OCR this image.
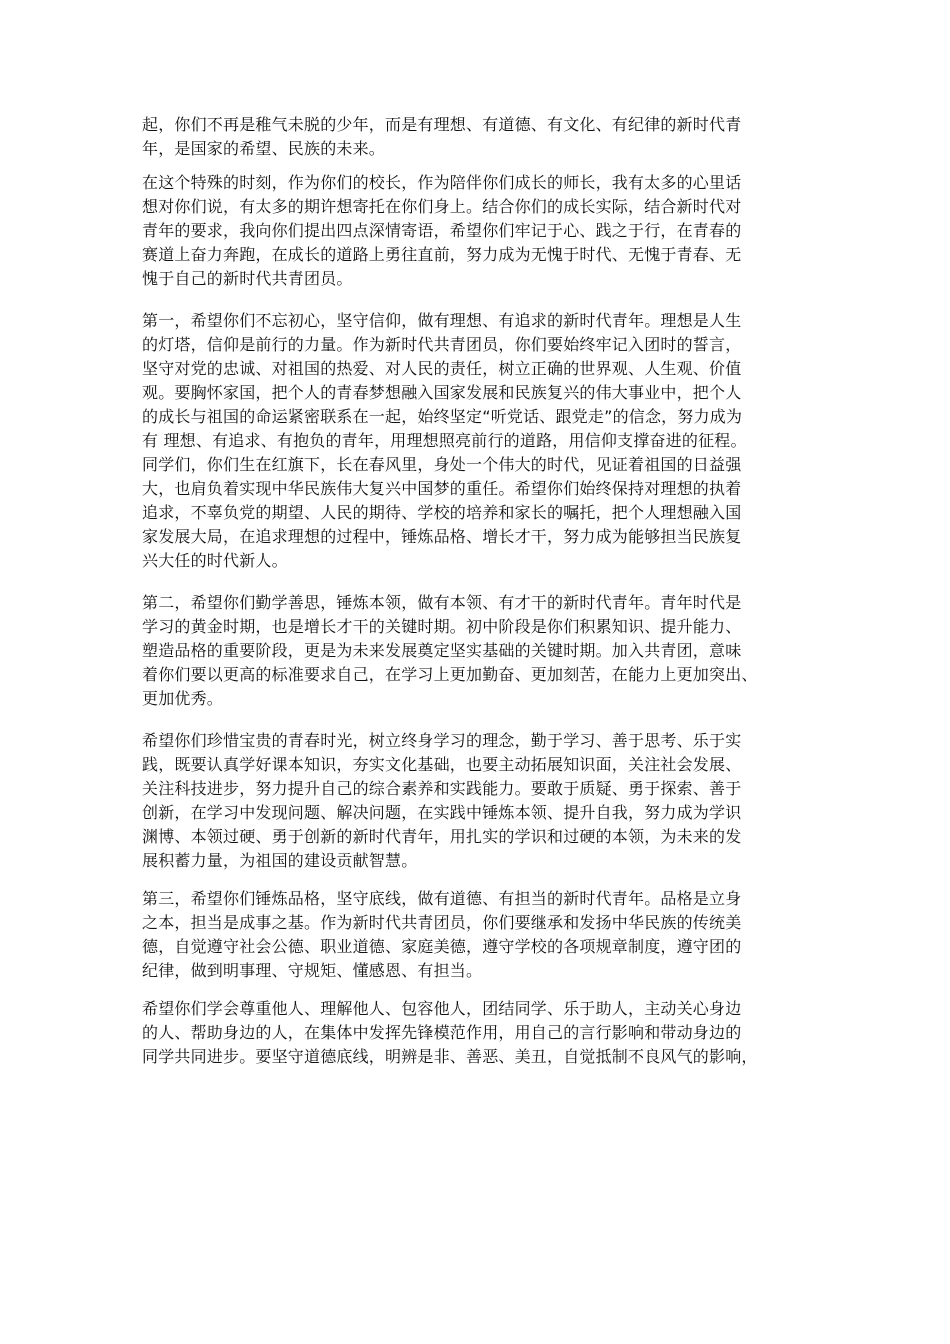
起，你们不再是稚气未脱的少年，而是有理想、有道德、有文化、有纪律的新时代青
年，是国家的希望、民族的未来。
在这个特殊的时刻，作为你们的校长，作为陪伴你们成长的师长，我有太多的心里话
想对你们说，有太多的期许想寄托在你们身上。结合你们的成长实际，结合新时代对
青年的要求，我向你们提出四点深情寄语，希望你们牢记于心、践之于行，在青春的
赛道上奋力奔跑，在成长的道路上勇往直前，努力成为无愧于时代、无愧于青春、无
愧于自己的新时代共青团员。
第一，希望你们不忘初心，坚守信仰，做有理想、有追求的新时代青年。理想是人生
的灯塔，信仰是前行的力量。作为新时代共青团员，你们要始终牢记入团时的誓言，
坚守对党的忠诚、对祖国的热爱、对人民的责任，树立正确的世界观、人生观、价值
观。要胸怀家国，把个人的青春梦想融入国家发展和民族复兴的伟大事业中，把个人
的成长与祖国的命运紧密联系在一起，始终坚定“听党话、跟党走”的信念，努力成为
有 理想、有追求、有抱负的青年，用理想照亮前行的道路，用信仰支撑奋进的征程。
同学们，你们生在红旗下，长在春风里，身处一个伟大的时代，见证着祖国的日益强
大，也肩负着实现中华民族伟大复兴中国梦的重任。希望你们始终保持对理想的执着
追求，不辜负党的期望、人民的期待、学校的培养和家长的嘱托，把个人理想融入国
家发展大局，在追求理想的过程中，锤炼品格、增长才干，努力成为能够担当民族复
兴大任的时代新人。
第二，希望你们勤学善思，锤炼本领，做有本领、有才干的新时代青年。青年时代是
学习的黄金时期，也是增长才干的关键时期。初中阶段是你们积累知识、提升能力、
塑造品格的重要阶段，更是为未来发展奠定坚实基础的关键时期。加入共青团，意味
着你们要以更高的标准要求自己，在学习上更加勤奋、更加刻苦，在能力上更加突出、
更加优秀。
希望你们珍惜宝贵的青春时光，树立终身学习的理念，勤于学习、善于思考、乐于实
践，既要认真学好课本知识，夯实文化基础，也要主动拓展知识面，关注社会发展、
关注科技进步，努力提升自己的综合素养和实践能力。要敢于质疑、勇于探索、善于
创新，在学习中发现问题、解决问题，在实践中锤炼本领、提升自我，努力成为学识
渊博、本领过硬、勇于创新的新时代青年，用扎实的学识和过硬的本领，为未来的发
展积蓄力量，为祖国的建设贡献智慧。
第三，希望你们锤炼品格，坚守底线，做有道德、有担当的新时代青年。品格是立身
之本，担当是成事之基。作为新时代共青团员，你们要继承和发扬中华民族的传统美
德，自觉遵守社会公德、职业道德、家庭美德，遵守学校的各项规章制度，遵守团的
纪律，做到明事理、守规矩、懂感恩、有担当。
希望你们学会尊重他人、理解他人、包容他人，团结同学、乐于助人，主动关心身边
的人、帮助身边的人，在集体中发挥先锋模范作用，用自己的言行影响和带动身边的
同学共同进步。要坚守道德底线，明辨是非、善恶、美丑，自觉抵制不良风气的影响，
